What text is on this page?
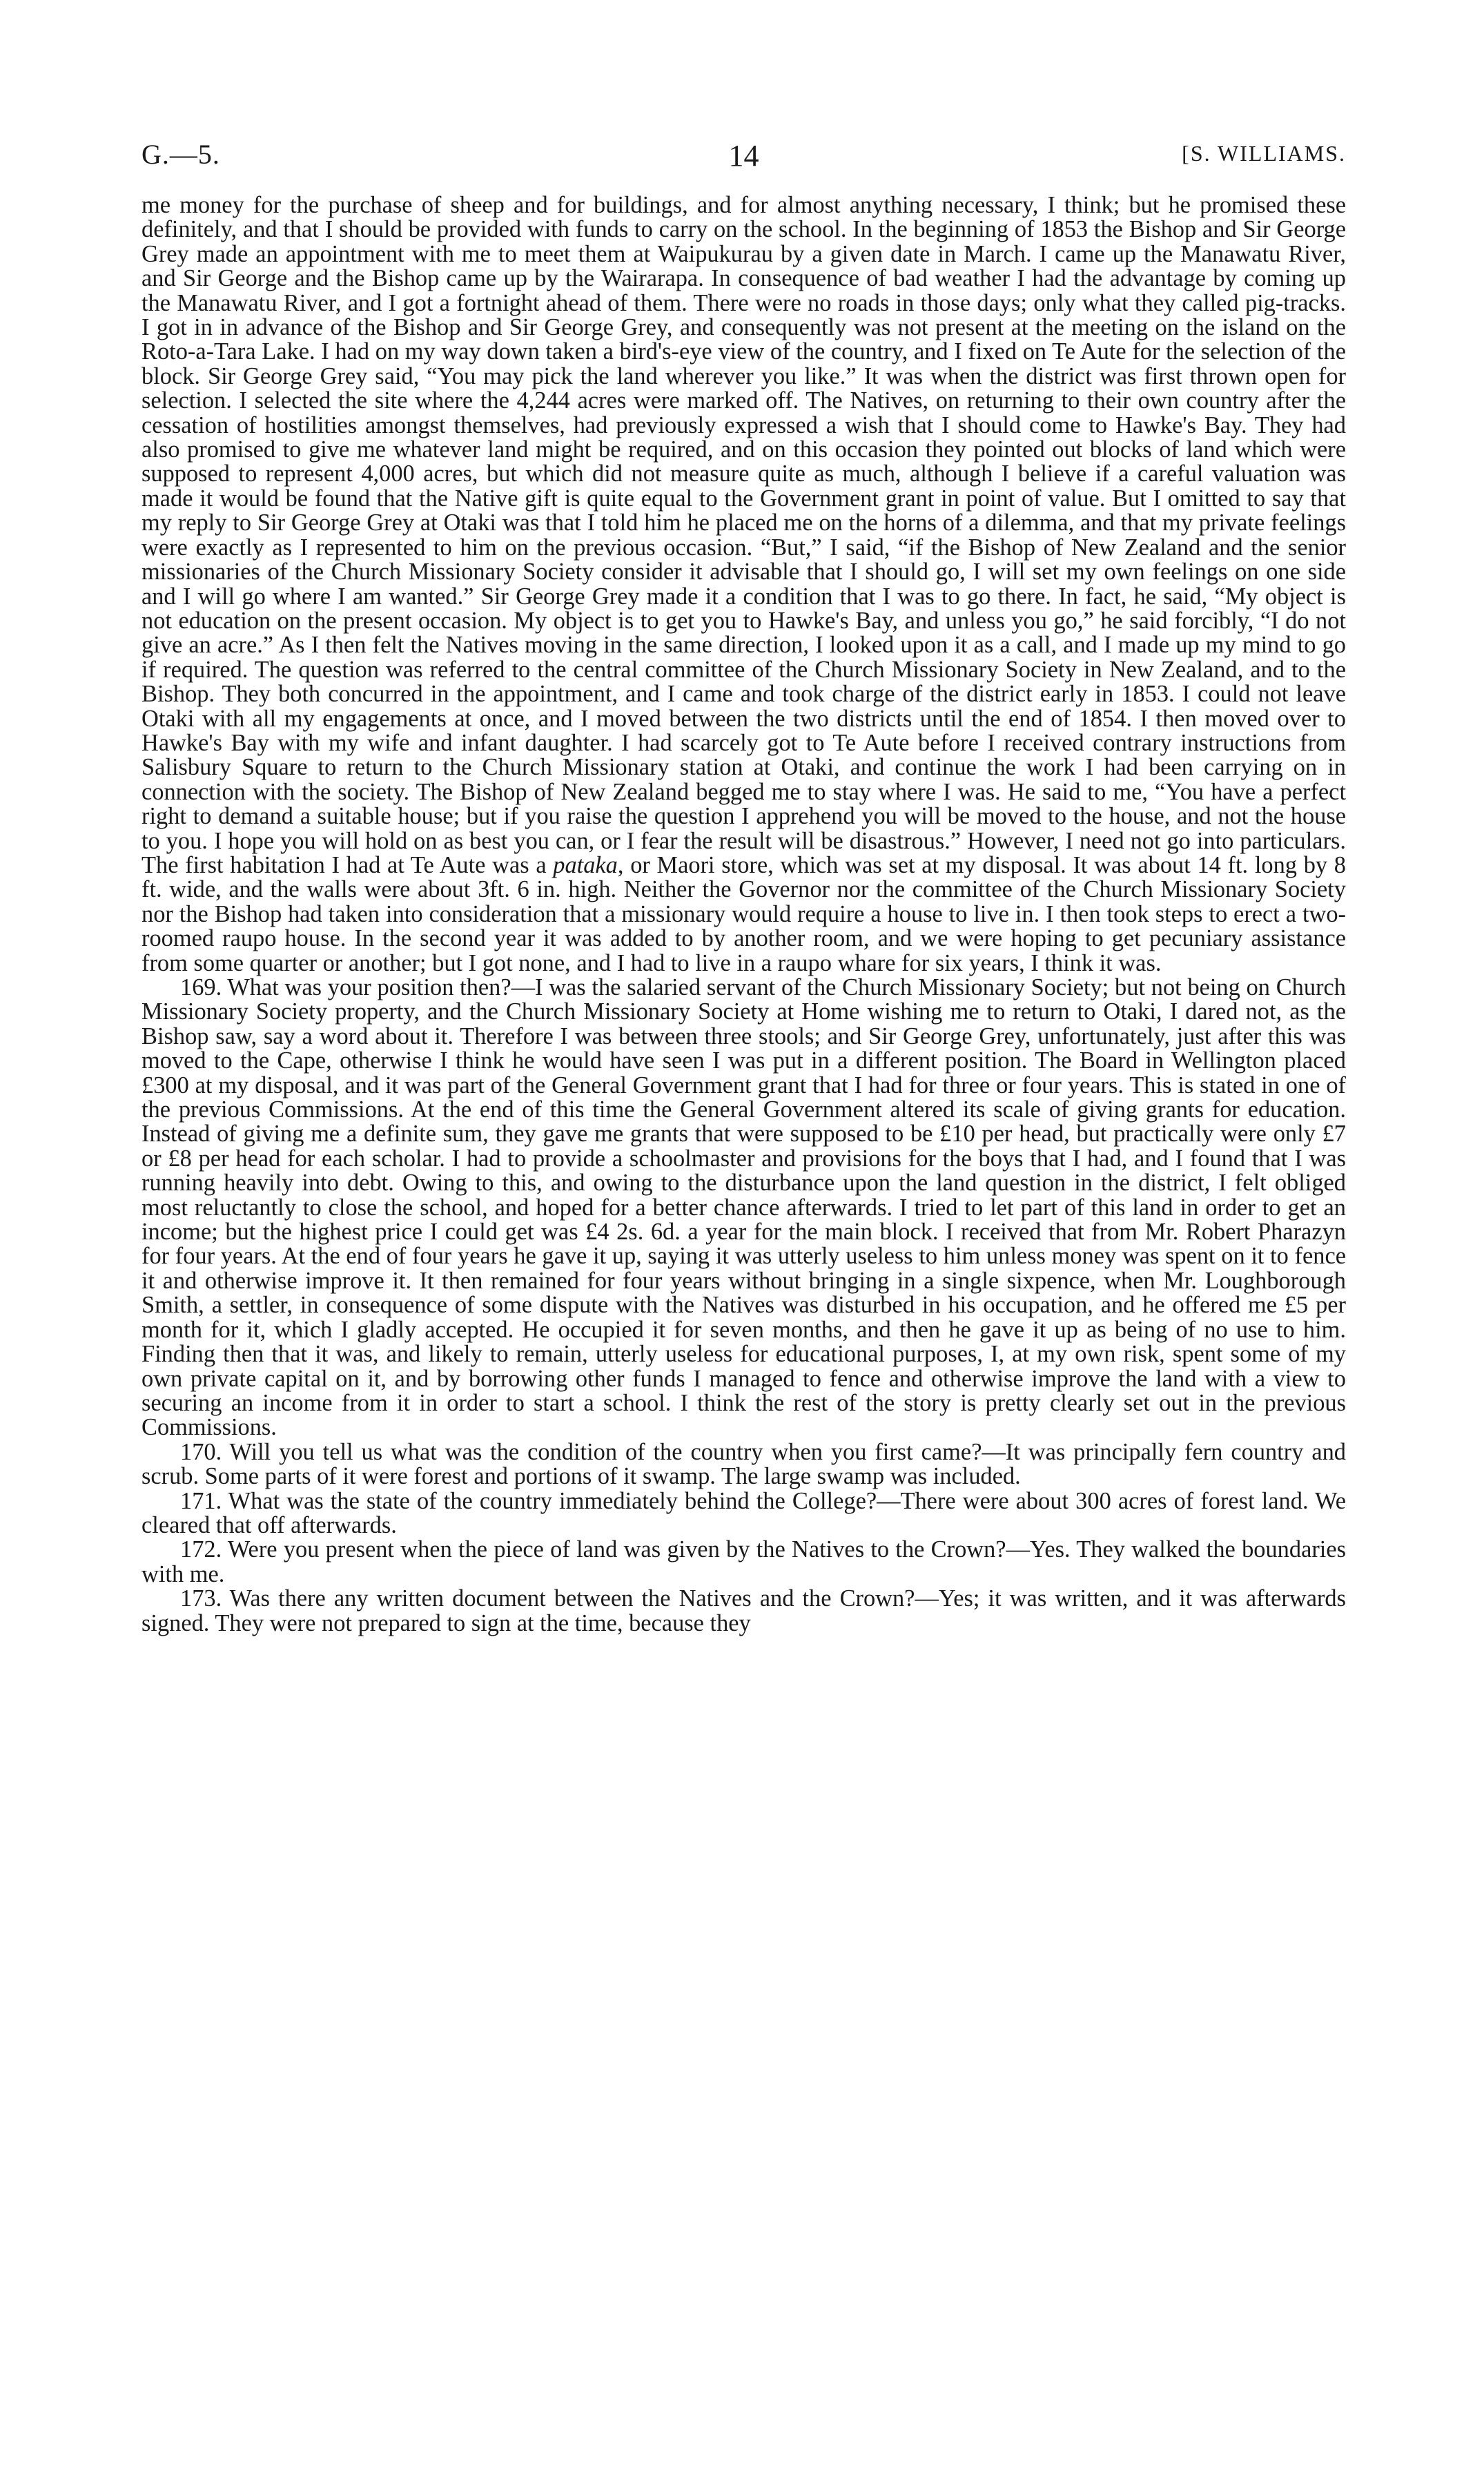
G.—5.	14	[S. WILLIAMS.

me money for the purchase of sheep and for buildings, and for almost anything necessary, I think; but he promised these definitely, and that I should be provided with funds to carry on the school. In the beginning of 1853 the Bishop and Sir George Grey made an appointment with me to meet them at Waipukurau by a given date in March. I came up the Manawatu River, and Sir George and the Bishop came up by the Wairarapa. In consequence of bad weather I had the advantage by coming up the Manawatu River, and I got a fortnight ahead of them. There were no roads in those days; only what they called pig-tracks. I got in in advance of the Bishop and Sir George Grey, and consequently was not present at the meeting on the island on the Roto-a-Tara Lake. I had on my way down taken a bird's-eye view of the country, and I fixed on Te Aute for the selection of the block. Sir George Grey said, “You may pick the land wherever you like.” It was when the district was first thrown open for selection. I selected the site where the 4,244 acres were marked off. The Natives, on returning to their own country after the cessation of hostilities amongst themselves, had previously expressed a wish that I should come to Hawke's Bay. They had also promised to give me whatever land might be required, and on this occasion they pointed out blocks of land which were supposed to represent 4,000 acres, but which did not measure quite as much, although I believe if a careful valuation was made it would be found that the Native gift is quite equal to the Government grant in point of value. But I omitted to say that my reply to Sir George Grey at Otaki was that I told him he placed me on the horns of a dilemma, and that my private feelings were exactly as I represented to him on the previous occasion. “But,” I said, “if the Bishop of New Zealand and the senior missionaries of the Church Missionary Society consider it advisable that I should go, I will set my own feelings on one side and I will go where I am wanted.” Sir George Grey made it a condition that I was to go there. In fact, he said, “My object is not education on the present occasion. My object is to get you to Hawke's Bay, and unless you go,” he said forcibly, “I do not give an acre.” As I then felt the Natives moving in the same direction, I looked upon it as a call, and I made up my mind to go if required. The question was referred to the central committee of the Church Missionary Society in New Zealand, and to the Bishop. They both concurred in the appointment, and I came and took charge of the district early in 1853. I could not leave Otaki with all my engagements at once, and I moved between the two districts until the end of 1854. I then moved over to Hawke's Bay with my wife and infant daughter. I had scarcely got to Te Aute before I received contrary instructions from Salisbury Square to return to the Church Missionary station at Otaki, and continue the work I had been carrying on in connection with the society. The Bishop of New Zealand begged me to stay where I was. He said to me, “You have a perfect right to demand a suitable house; but if you raise the question I apprehend you will be moved to the house, and not the house to you. I hope you will hold on as best you can, or I fear the result will be disastrous.” However, I need not go into particulars. The first habitation I had at Te Aute was a pataka, or Maori store, which was set at my disposal. It was about 14 ft. long by 8 ft. wide, and the walls were about 3ft. 6 in. high. Neither the Governor nor the committee of the Church Missionary Society nor the Bishop had taken into consideration that a missionary would require a house to live in. I then took steps to erect a two-roomed raupo house. In the second year it was added to by another room, and we were hoping to get pecuniary assistance from some quarter or another; but I got none, and I had to live in a raupo whare for six years, I think it was.

169. What was your position then?—I was the salaried servant of the Church Missionary Society; but not being on Church Missionary Society property, and the Church Missionary Society at Home wishing me to return to Otaki, I dared not, as the Bishop saw, say a word about it. Therefore I was between three stools; and Sir George Grey, unfortunately, just after this was moved to the Cape, otherwise I think he would have seen I was put in a different position. The Board in Wellington placed £300 at my disposal, and it was part of the General Government grant that I had for three or four years. This is stated in one of the previous Commissions. At the end of this time the General Government altered its scale of giving grants for education. Instead of giving me a definite sum, they gave me grants that were supposed to be £10 per head, but practically were only £7 or £8 per head for each scholar. I had to provide a schoolmaster and provisions for the boys that I had, and I found that I was running heavily into debt. Owing to this, and owing to the disturbance upon the land question in the district, I felt obliged most reluctantly to close the school, and hoped for a better chance afterwards. I tried to let part of this land in order to get an income; but the highest price I could get was £4 2s. 6d. a year for the main block. I received that from Mr. Robert Pharazyn for four years. At the end of four years he gave it up, saying it was utterly useless to him unless money was spent on it to fence it and otherwise improve it. It then remained for four years without bringing in a single sixpence, when Mr. Loughborough Smith, a settler, in consequence of some dispute with the Natives was disturbed in his occupation, and he offered me £5 per month for it, which I gladly accepted. He occupied it for seven months, and then he gave it up as being of no use to him. Finding then that it was, and likely to remain, utterly useless for educational purposes, I, at my own risk, spent some of my own private capital on it, and by borrowing other funds I managed to fence and otherwise improve the land with a view to securing an income from it in order to start a school. I think the rest of the story is pretty clearly set out in the previous Commissions.

170. Will you tell us what was the condition of the country when you first came?—It was principally fern country and scrub. Some parts of it were forest and portions of it swamp. The large swamp was included.

171. What was the state of the country immediately behind the College?—There were about 300 acres of forest land. We cleared that off afterwards.

172. Were you present when the piece of land was given by the Natives to the Crown?—Yes. They walked the boundaries with me.

173. Was there any written document between the Natives and the Crown?—Yes; it was written, and it was afterwards signed. They were not prepared to sign at the time, because they
